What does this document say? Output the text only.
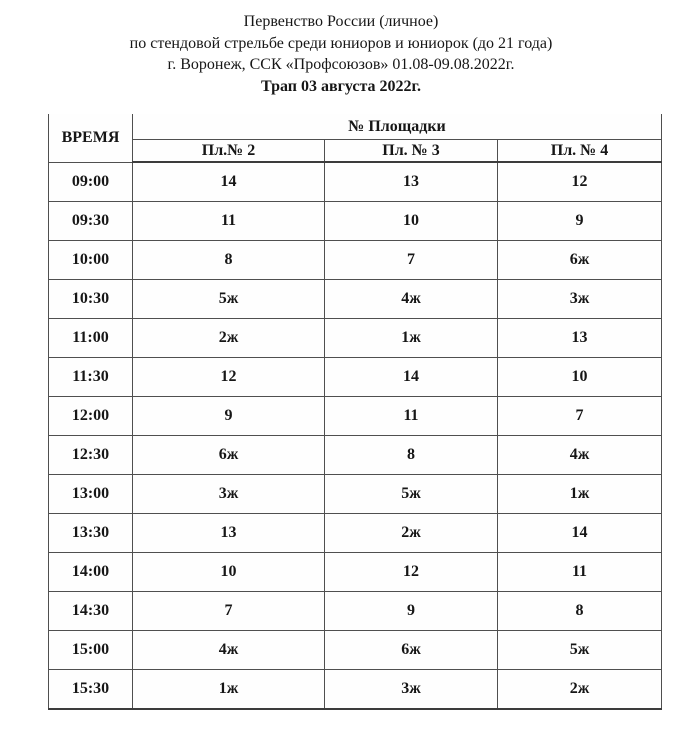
Первенство России (личное)
по стендовой стрельбе среди юниоров и юниорок (до 21 года)
г. Воронеж, ССК «Профсоюзов» 01.08-09.08.2022г.
Трап 03 августа 2022г.
ВРЕМЯ	№ Площадки		
	Пл.№ 2	Пл. № 3	Пл. № 4
09:00	14	13	12
09:30	11	10	9
10:00	8	7	6ж
10:30	5ж	4ж	3ж
11:00	2ж	1ж	13
11:30	12	14	10
12:00	9	11	7
12:30	6ж	8	4ж
13:00	3ж	5ж	1ж
13:30	13	2ж	14
14:00	10	12	11
14:30	7	9	8
15:00	4ж	6ж	5ж
15:30	1ж	3ж	2ж
